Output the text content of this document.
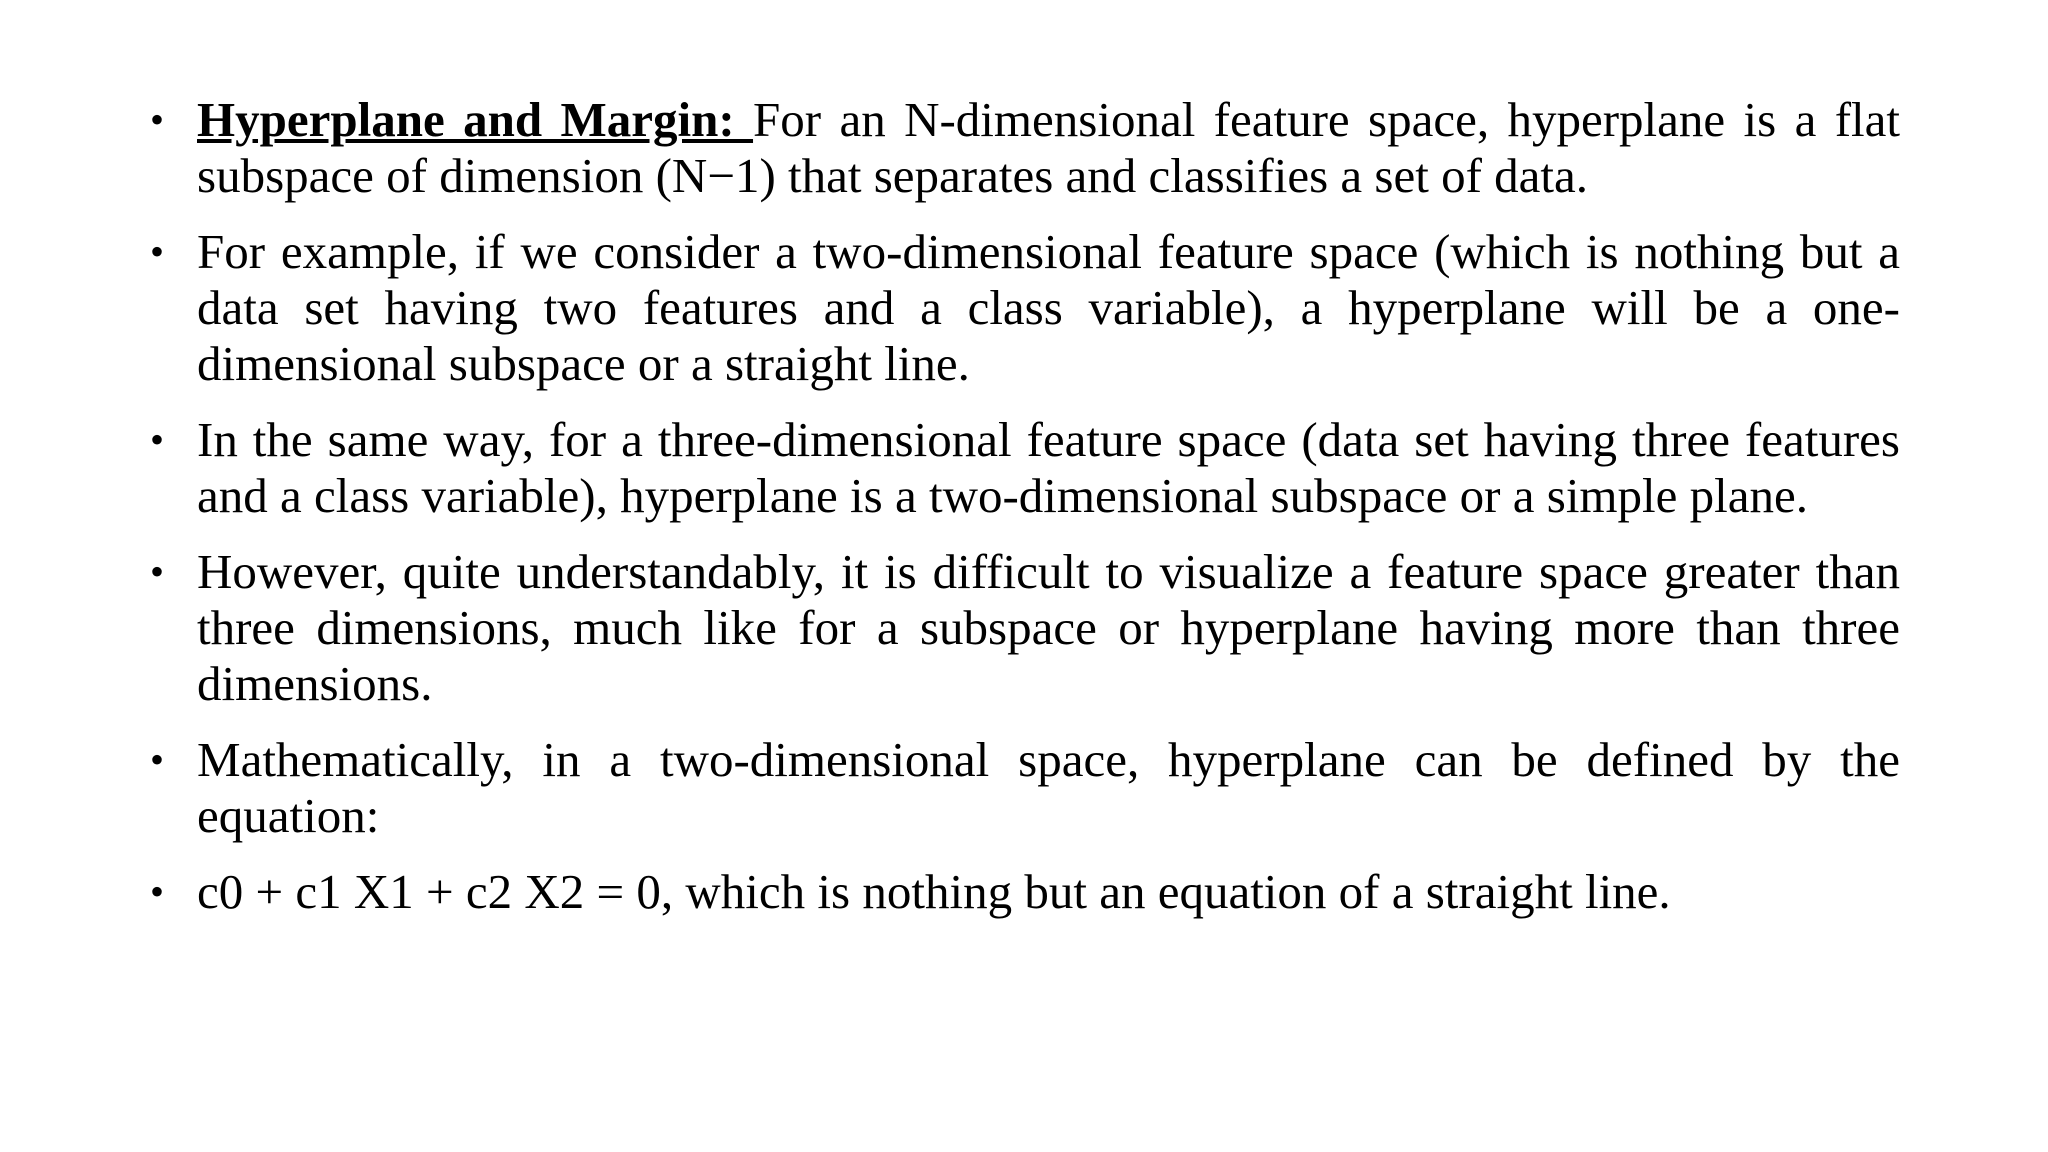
• Hyperplane and Margin: For an N-dimensional feature space, hyperplane is a flat subspace of dimension (N−1) that separates and classifies a set of data.
• For example, if we consider a two-dimensional feature space (which is nothing but a data set having two features and a class variable), a hyperplane will be a one-dimensional subspace or a straight line.
• In the same way, for a three-dimensional feature space (data set having three features and a class variable), hyperplane is a two-dimensional subspace or a simple plane.
• However, quite understandably, it is difficult to visualize a feature space greater than three dimensions, much like for a subspace or hyperplane having more than three dimensions.
• Mathematically, in a two-dimensional space, hyperplane can be defined by the equation:
• c0 + c1 X1 + c2 X2 = 0, which is nothing but an equation of a straight line.
